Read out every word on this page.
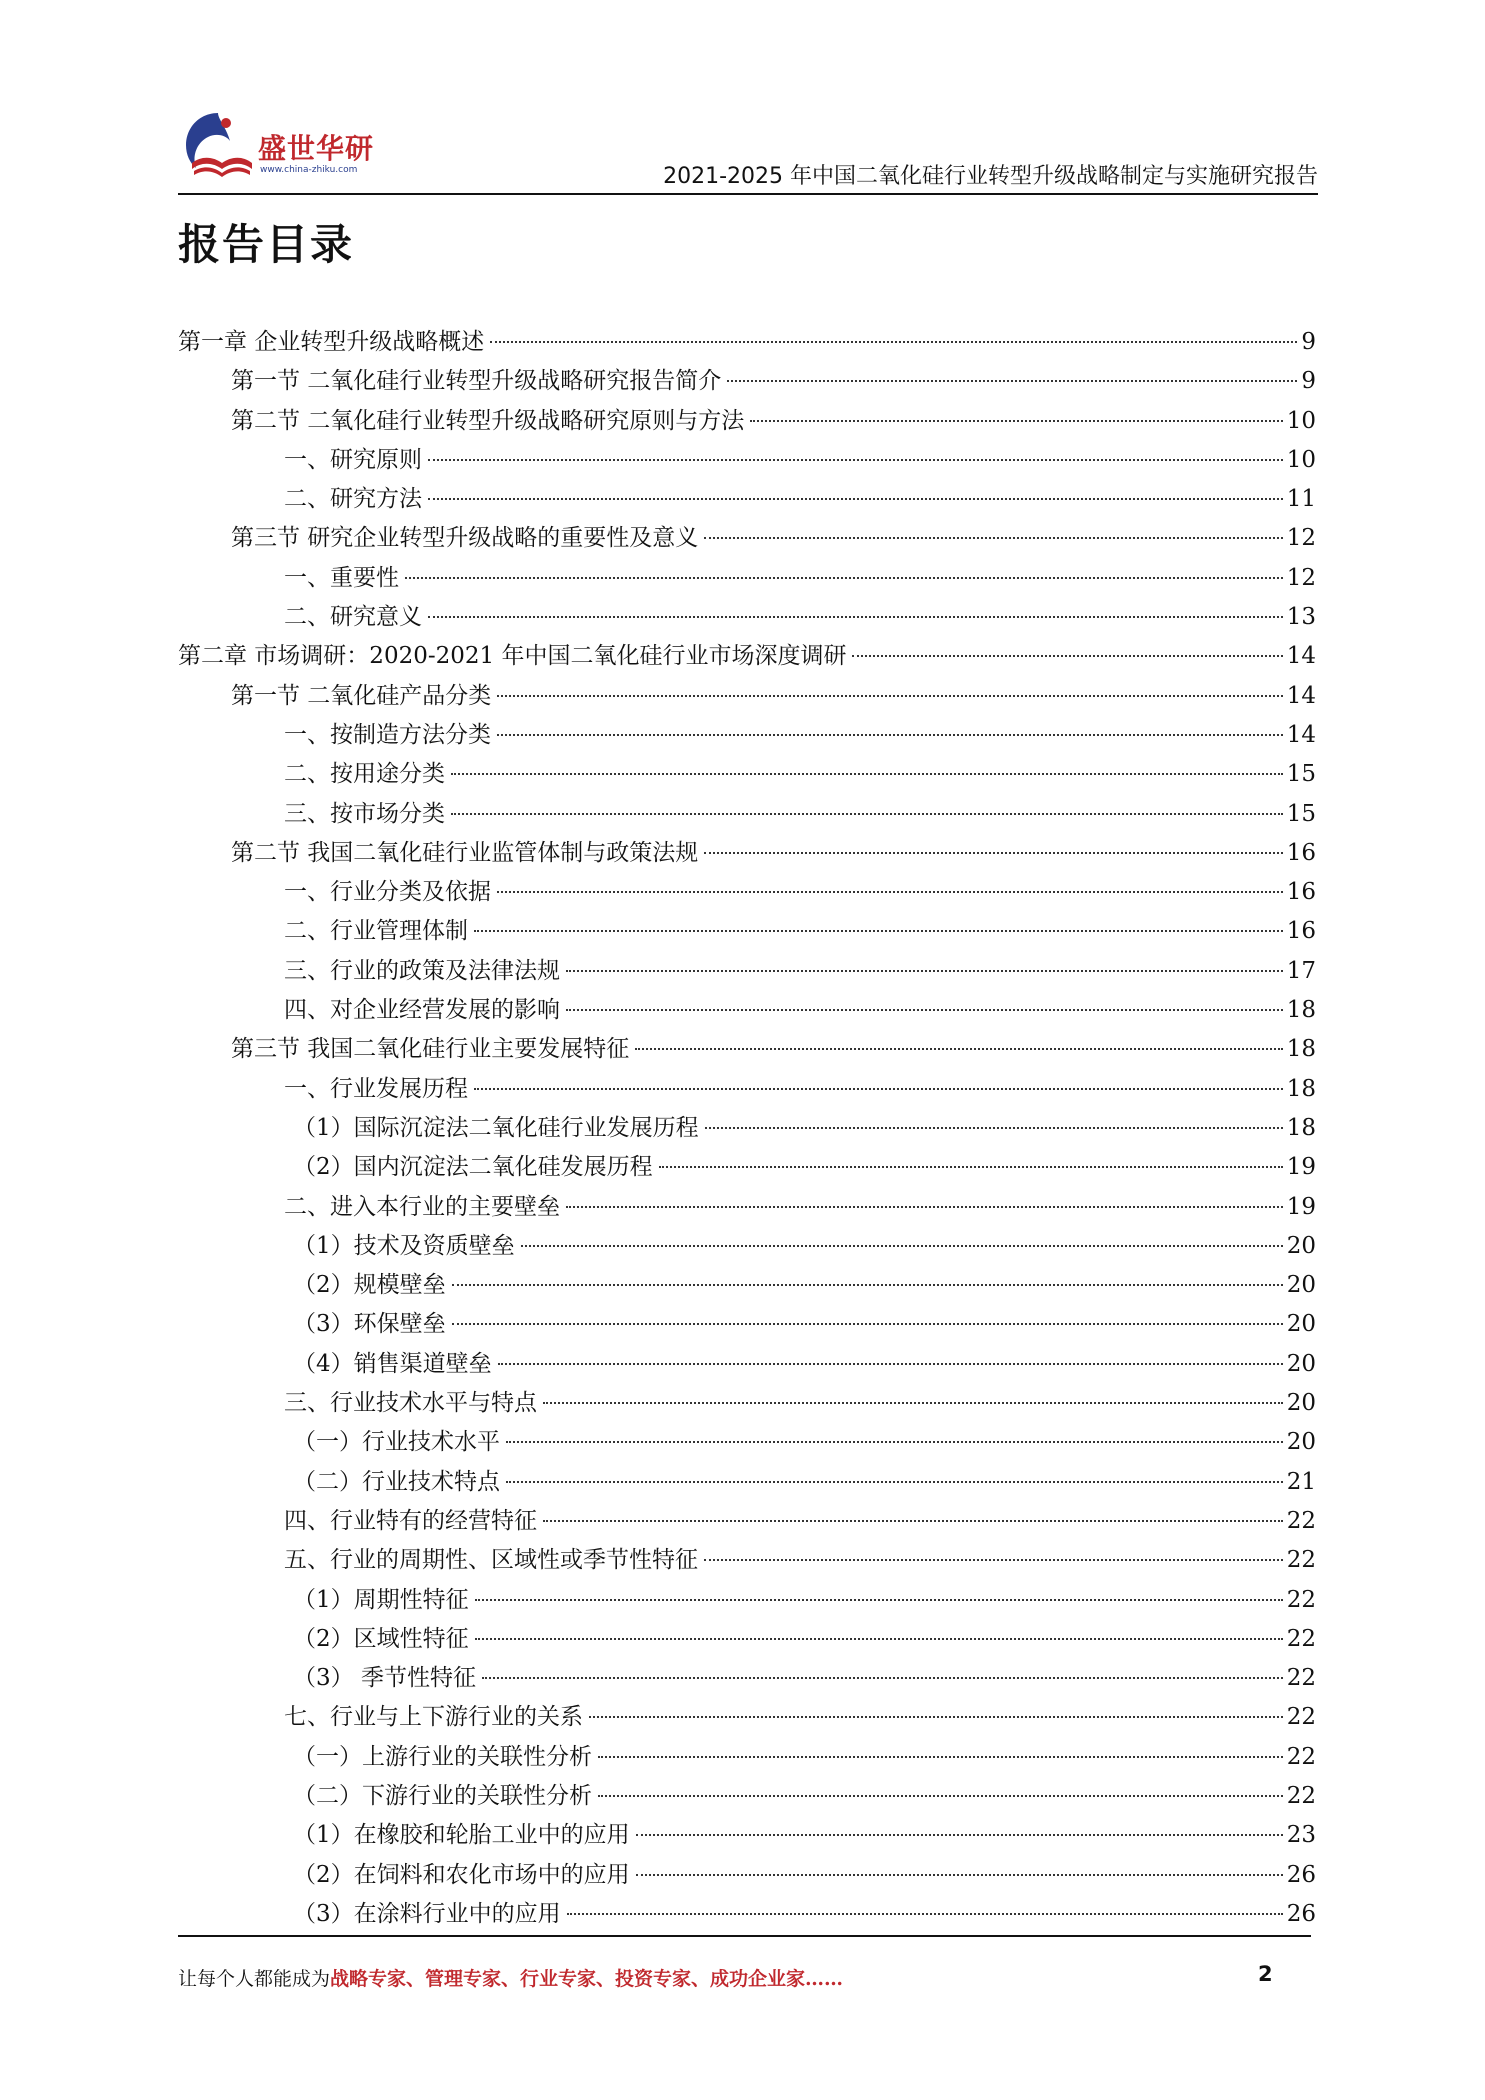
盛世华研
www.china-zhiku.com	2021-2025 年中国二氧化硅行业转型升级战略制定与实施研究报告
报告目录
第一章 企业转型升级战略概述	9
第一节 二氧化硅行业转型升级战略研究报告简介	9
第二节 二氧化硅行业转型升级战略研究原则与方法	10
一、研究原则	10
二、研究方法	11
第三节 研究企业转型升级战略的重要性及意义	12
一、重要性	12
二、研究意义	13
第二章 市场调研：2020-2021 年中国二氧化硅行业市场深度调研	14
第一节 二氧化硅产品分类	14
一、按制造方法分类	14
二、按用途分类	15
三、按市场分类	15
第二节 我国二氧化硅行业监管体制与政策法规	16
一、行业分类及依据	16
二、行业管理体制	16
三、行业的政策及法律法规	17
四、对企业经营发展的影响	18
第三节 我国二氧化硅行业主要发展特征	18
一、行业发展历程	18
（1）国际沉淀法二氧化硅行业发展历程	18
（2）国内沉淀法二氧化硅发展历程	19
二、进入本行业的主要壁垒	19
（1）技术及资质壁垒	20
（2）规模壁垒	20
（3）环保壁垒	20
（4）销售渠道壁垒	20
三、行业技术水平与特点	20
（一）行业技术水平	20
（二）行业技术特点	21
四、行业特有的经营特征	22
五、行业的周期性、区域性或季节性特征	22
（1）周期性特征	22
（2）区域性特征	22
（3） 季节性特征	22
七、行业与上下游行业的关系	22
（一）上游行业的关联性分析	22
（二）下游行业的关联性分析	22
（1）在橡胶和轮胎工业中的应用	23
（2）在饲料和农化市场中的应用	26
（3）在涂料行业中的应用	26
让每个人都能成为战略专家、管理专家、行业专家、投资专家、成功企业家……	2
